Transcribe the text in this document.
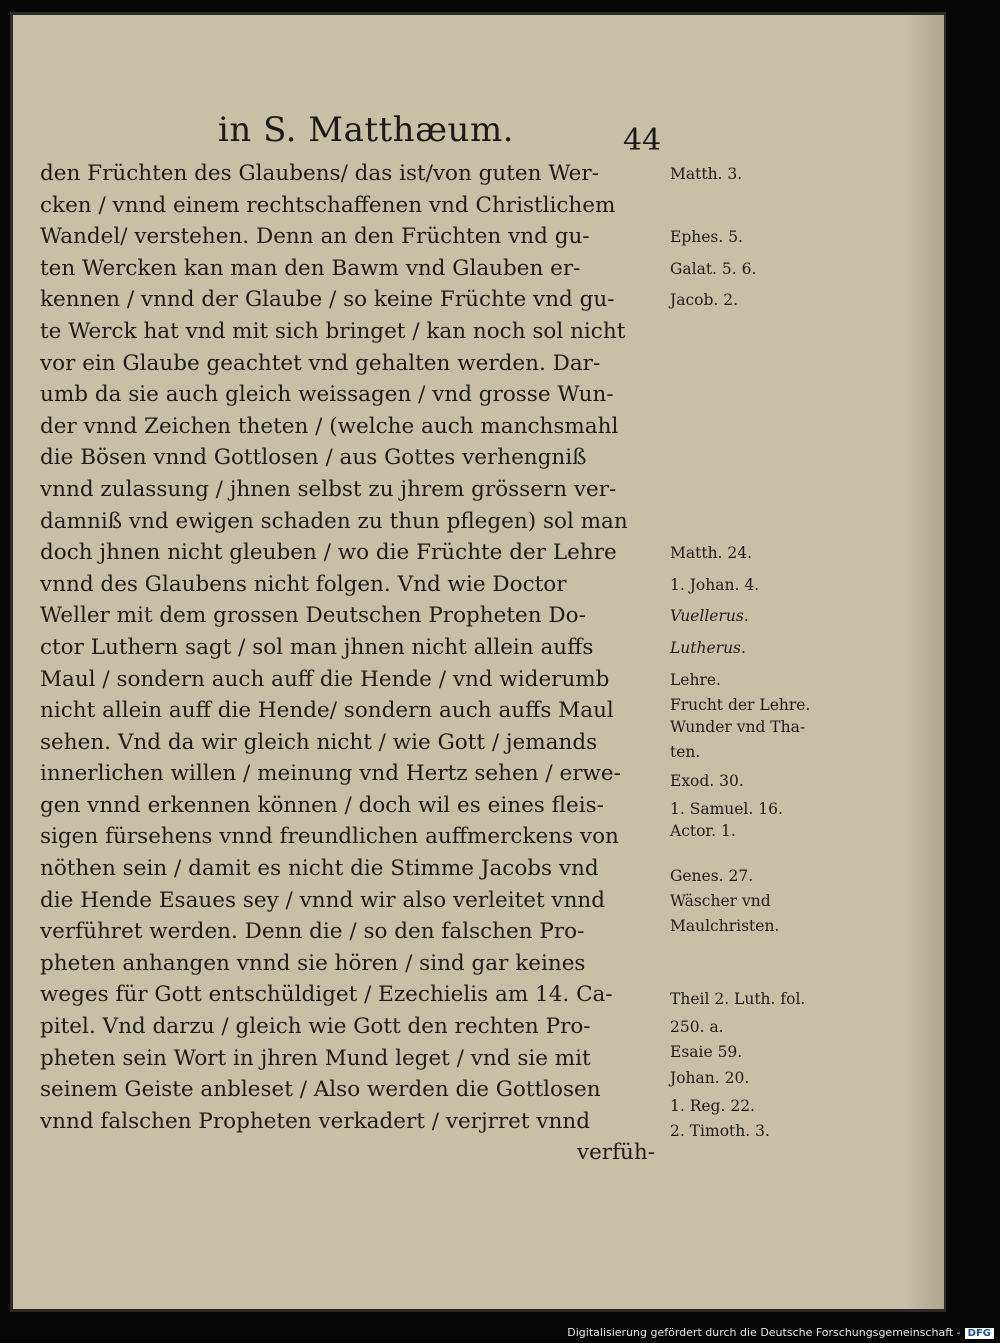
in S. Matthæum.	44
den Früchten des Glaubens/ das ist/von guten Wer-
cken / vnnd einem rechtschaffenen vnd Christlichem
Wandel/ verstehen. Denn an den Früchten vnd gu-
ten Wercken kan man den Bawm vnd Glauben er-
kennen / vnnd der Glaube / so keine Früchte vnd gu-
te Werck hat vnd mit sich bringet / kan noch sol nicht
vor ein Glaube geachtet vnd gehalten werden. Dar-
umb da sie auch gleich weissagen / vnd grosse Wun-
der vnnd Zeichen theten / (welche auch manchsmahl
die Bösen vnnd Gottlosen / aus Gottes verhengniß
vnnd zulassung / jhnen selbst zu jhrem grössern ver-
damniß vnd ewigen schaden zu thun pflegen) sol man
doch jhnen nicht gleuben / wo die Früchte der Lehre
vnnd des Glaubens nicht folgen. Vnd wie Doctor
Weller mit dem grossen Deutschen Propheten Do-
ctor Luthern sagt / sol man jhnen nicht allein auffs
Maul / sondern auch auff die Hende / vnd widerumb
nicht allein auff die Hende/ sondern auch auffs Maul
sehen. Vnd da wir gleich nicht / wie Gott / jemands
innerlichen willen / meinung vnd Hertz sehen / erwe-
gen vnnd erkennen können / doch wil es eines fleis-
sigen fürsehens vnnd freundlichen auffmerckens von
nöthen sein / damit es nicht die Stimme Jacobs vnd
die Hende Esaues sey / vnnd wir also verleitet vnnd
verführet werden. Denn die / so den falschen Pro-
pheten anhangen vnnd sie hören / sind gar keines
weges für Gott entschüldiget / Ezechielis am 14. Ca-
pitel. Vnd darzu / gleich wie Gott den rechten Pro-
pheten sein Wort in jhren Mund leget / vnd sie mit
seinem Geiste anbleset / Also werden die Gottlosen
vnnd falschen Propheten verkadert / verjrret vnnd
verfüh-
Matth. 3.
Ephes. 5.
Galat. 5. 6.
Jacob. 2.
Matth. 24.
1. Johan. 4.
Vuellerus.
Lutherus.
Lehre.
Frucht der Lehre.
Wunder vnd Tha-
ten.
Exod. 30.
1. Samuel. 16.
Actor. 1.
Genes. 27.
Wäscher vnd
Maulchristen.
Theil 2. Luth. fol.
250. a.
Esaie 59.
Johan. 20.
1. Reg. 22.
2. Timoth. 3.
Digitalisierung gefördert durch die Deutsche Forschungsgemeinschaft - DFG
